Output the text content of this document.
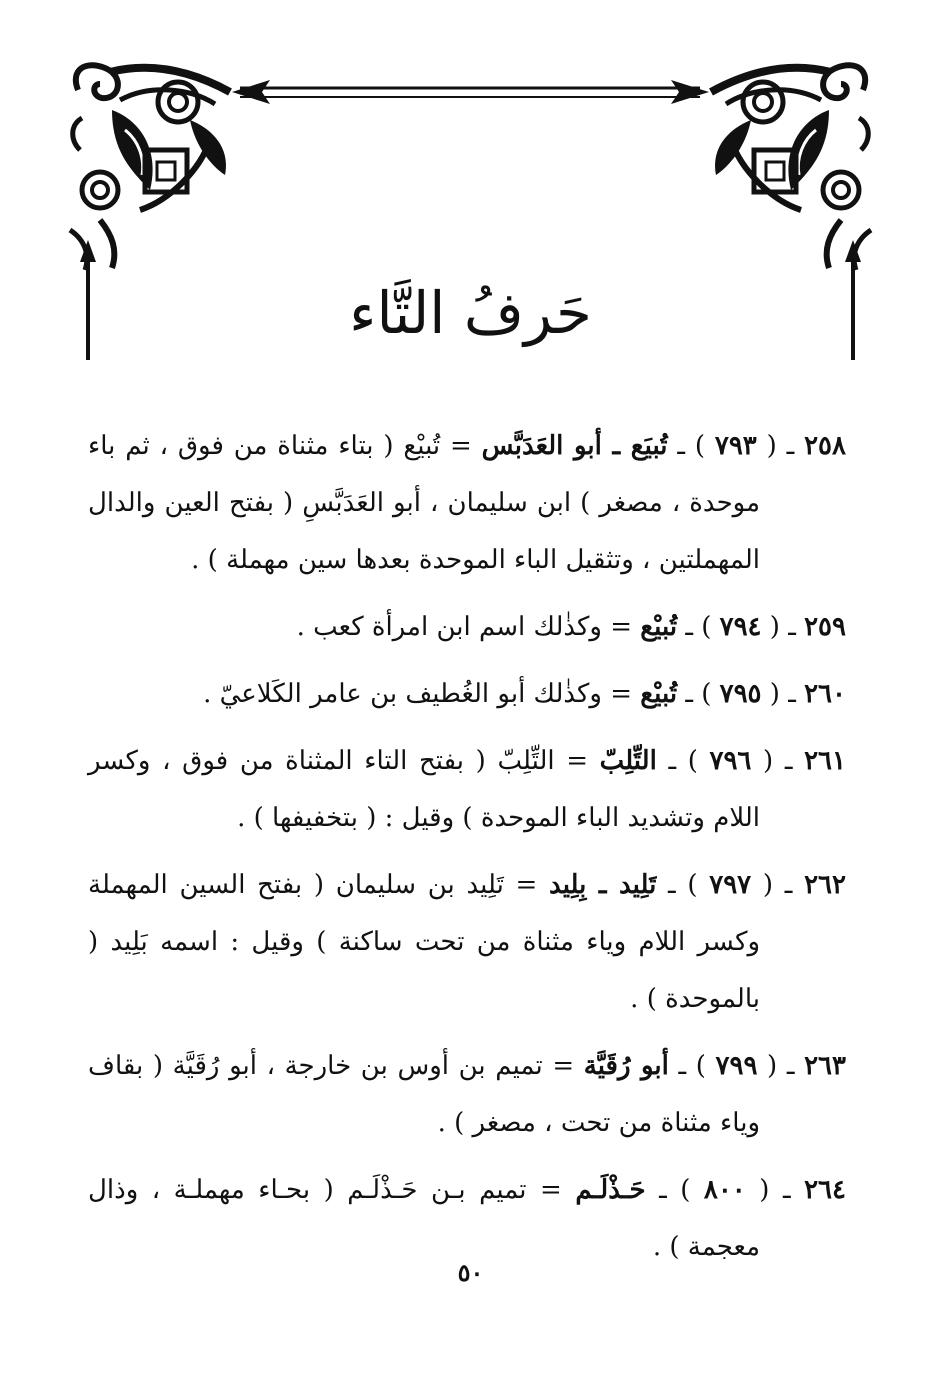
حَرفُ التَّاء

٢٥٨ ـ ( ٧٩٣ ) ـ تُبيَع ـ أبو العَدَبَّس = تُبيْع ( بتاء مثناة من فوق ، ثم باء موحدة ، مصغر ) ابن سليمان ، أبو العَدَبَّسِ ( بفتح العين والدال المهملتين ، وتثقيل الباء الموحدة بعدها سين مهملة ) .

٢٥٩ ـ ( ٧٩٤ ) ـ تُبيْع = وكذٰلك اسم ابن امرأة كعب .

٢٦٠ ـ ( ٧٩٥ ) ـ تُبيْع = وكذٰلك أبو الغُطيف بن عامر الكَلاعيّ .

٢٦١ ـ ( ٧٩٦ ) ـ التِّلِبّ = التِّلِبّ ( بفتح التاء المثناة من فوق ، وكسر اللام وتشديد الباء الموحدة ) وقيل : ( بتخفيفها ) .

٢٦٢ ـ ( ٧٩٧ ) ـ تَلِيد ـ بِلِيد = تَلِيد بن سليمان ( بفتح السين المهملة وكسر اللام وياء مثناة من تحت ساكنة ) وقيل : اسمه بَلِيد ( بالموحدة ) .

٢٦٣ ـ ( ٧٩٩ ) ـ أبو رُقَيَّة = تميم بن أوس بن خارجة ، أبو رُقَيَّة ( بقاف وياء مثناة من تحت ، مصغر ) .

٢٦٤ ـ ( ٨٠٠ ) ـ حَـذْلَـم = تميم بـن حَـذْلَـم ( بحـاء مهملـة ، وذال معجمة ) .

٥٠
